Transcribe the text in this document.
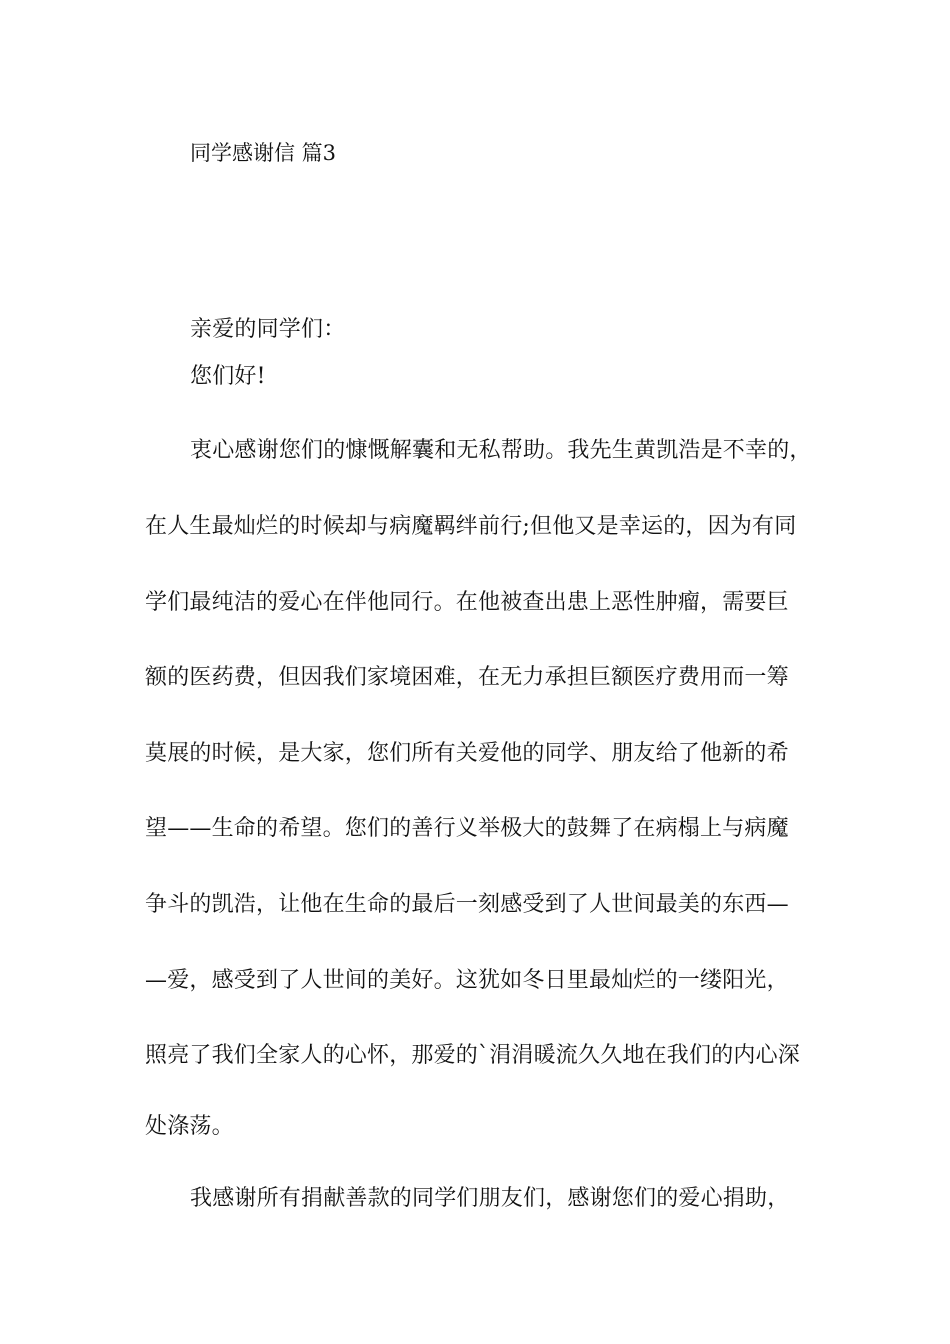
同学感谢信 篇3
亲爱的同学们：
您们好!
衷心感谢您们的慷慨解囊和无私帮助。我先生黄凯浩是不幸的，
在人生最灿烂的时候却与病魔羁绊前行;但他又是幸运的，因为有同
学们最纯洁的爱心在伴他同行。在他被查出患上恶性肿瘤，需要巨
额的医药费，但因我们家境困难，在无力承担巨额医疗费用而一筹
莫展的时候，是大家，您们所有关爱他的同学、朋友给了他新的希
望——生命的希望。您们的善行义举极大的鼓舞了在病榻上与病魔
争斗的凯浩，让他在生命的最后一刻感受到了人世间最美的东西—
—爱，感受到了人世间的美好。这犹如冬日里最灿烂的一缕阳光，
照亮了我们全家人的心怀，那爱的`涓涓暖流久久地在我们的内心深
处涤荡。
我感谢所有捐献善款的同学们朋友们，感谢您们的爱心捐助，
